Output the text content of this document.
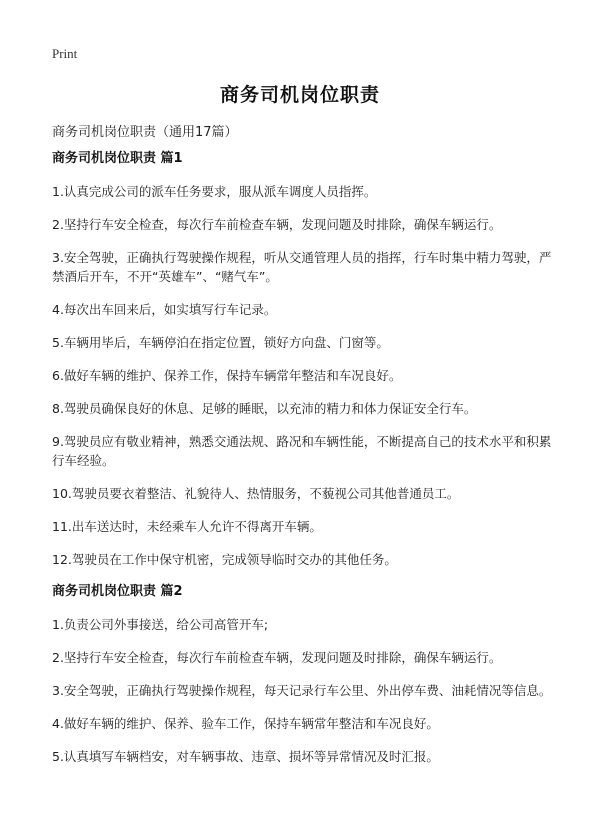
Print
商务司机岗位职责
商务司机岗位职责（通用17篇）
商务司机岗位职责 篇1
1.认真完成公司的派车任务要求，服从派车调度人员指挥。
2.坚持行车安全检查，每次行车前检查车辆，发现问题及时排除，确保车辆运行。
3.安全驾驶，正确执行驾驶操作规程，听从交通管理人员的指挥，行车时集中精力驾驶，严禁酒后开车，不开“英雄车”、“赌气车”。
4.每次出车回来后，如实填写行车记录。
5.车辆用毕后，车辆停泊在指定位置，锁好方向盘、门窗等。
6.做好车辆的维护、保养工作，保持车辆常年整洁和车况良好。
8.驾驶员确保良好的休息、足够的睡眠，以充沛的精力和体力保证安全行车。
9.驾驶员应有敬业精神，熟悉交通法规、路况和车辆性能，不断提高自己的技术水平和积累行车经验。
10.驾驶员要衣着整洁、礼貌待人、热情服务，不藐视公司其他普通员工。
11.出车送达时，未经乘车人允许不得离开车辆。
12.驾驶员在工作中保守机密，完成领导临时交办的其他任务。
商务司机岗位职责 篇2
1.负责公司外事接送，给公司高管开车;
2.坚持行车安全检查，每次行车前检查车辆，发现问题及时排除，确保车辆运行。
3.安全驾驶，正确执行驾驶操作规程，每天记录行车公里、外出停车费、油耗情况等信息。
4.做好车辆的维护、保养、验车工作，保持车辆常年整洁和车况良好。
5.认真填写车辆档安，对车辆事故、违章、损坏等异常情况及时汇报。
